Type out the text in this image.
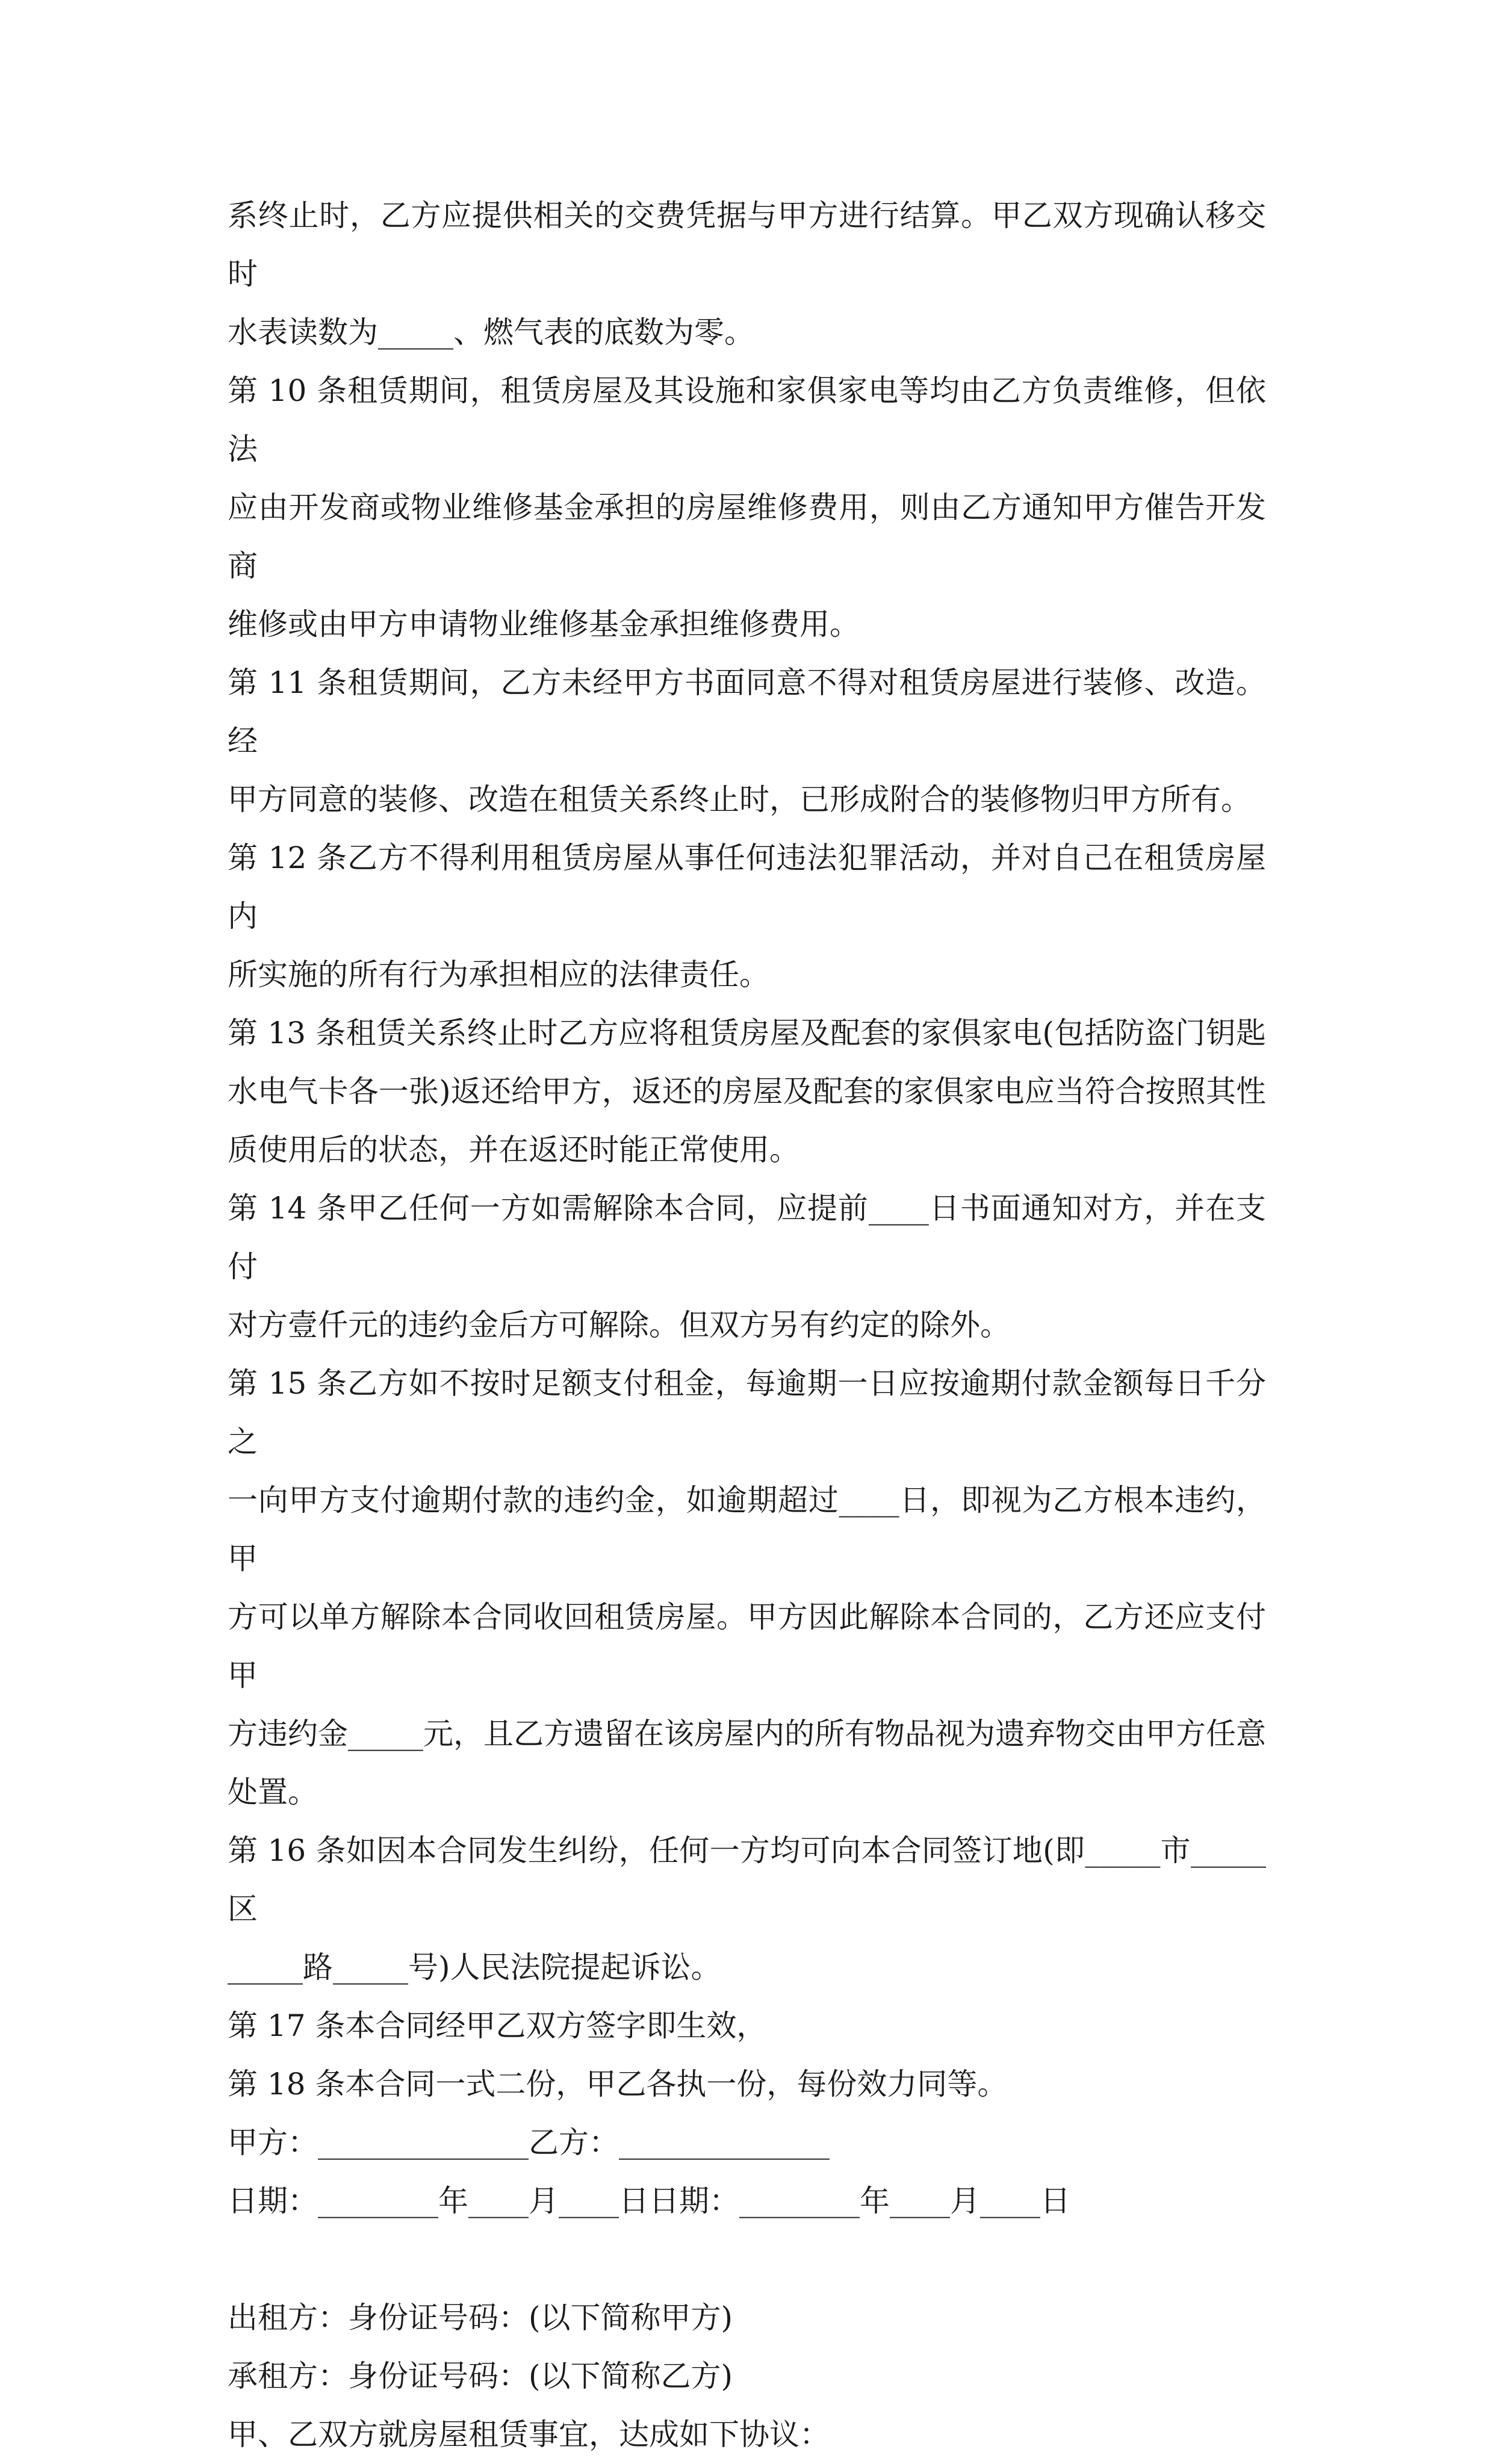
系终止时，乙方应提供相关的交费凭据与甲方进行结算。甲乙双方现确认移交时
水表读数为_____、燃气表的底数为零。
第 10 条租赁期间，租赁房屋及其设施和家俱家电等均由乙方负责维修，但依法
应由开发商或物业维修基金承担的房屋维修费用，则由乙方通知甲方催告开发商
维修或由甲方申请物业维修基金承担维修费用。
第 11 条租赁期间，乙方未经甲方书面同意不得对租赁房屋进行装修、改造。经
甲方同意的装修、改造在租赁关系终止时，已形成附合的装修物归甲方所有。
第 12 条乙方不得利用租赁房屋从事任何违法犯罪活动，并对自己在租赁房屋内
所实施的所有行为承担相应的法律责任。
第 13 条租赁关系终止时乙方应将租赁房屋及配套的家俱家电(包括防盗门钥匙
水电气卡各一张)返还给甲方，返还的房屋及配套的家俱家电应当符合按照其性
质使用后的状态，并在返还时能正常使用。
第 14 条甲乙任何一方如需解除本合同，应提前____日书面通知对方，并在支付
对方壹仟元的违约金后方可解除。但双方另有约定的除外。
第 15 条乙方如不按时足额支付租金，每逾期一日应按逾期付款金额每日千分之
一向甲方支付逾期付款的违约金，如逾期超过____日，即视为乙方根本违约，甲
方可以单方解除本合同收回租赁房屋。甲方因此解除本合同的，乙方还应支付甲
方违约金_____元，且乙方遗留在该房屋内的所有物品视为遗弃物交由甲方任意
处置。
第 16 条如因本合同发生纠纷，任何一方均可向本合同签订地(即_____市_____区
_____路_____号)人民法院提起诉讼。
第 17 条本合同经甲乙双方签字即生效，
第 18 条本合同一式二份，甲乙各执一份，每份效力同等。
甲方：______________乙方：______________
日期：________年____月____日日期：________年____月____日
出租方：身份证号码：(以下简称甲方)
承租方：身份证号码：(以下简称乙方)
甲、乙双方就房屋租赁事宜，达成如下协议：
